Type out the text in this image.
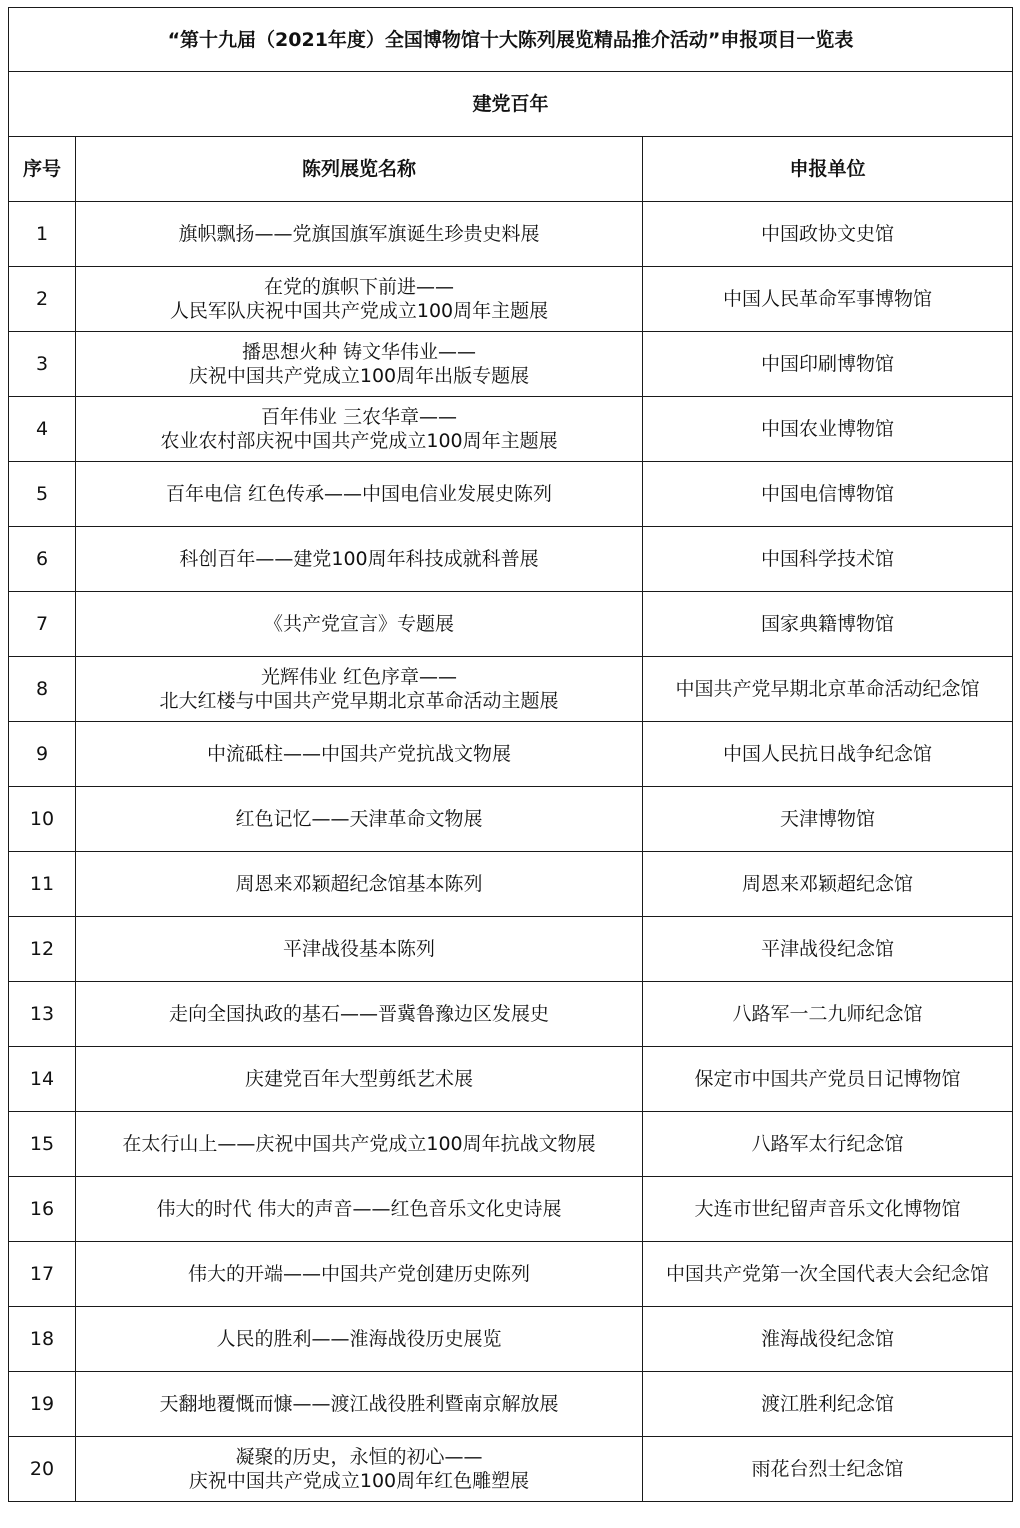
“第十九届（2021年度）全国博物馆十大陈列展览精品推介活动”申报项目一览表		
建党百年		
序号	陈列展览名称	申报单位
1	旗帜飘扬——党旗国旗军旗诞生珍贵史料展	中国政协文史馆
2	在党的旗帜下前进——
人民军队庆祝中国共产党成立100周年主题展	中国人民革命军事博物馆
3	播思想火种 铸文华伟业——
庆祝中国共产党成立100周年出版专题展	中国印刷博物馆
4	百年伟业 三农华章——
农业农村部庆祝中国共产党成立100周年主题展	中国农业博物馆
5	百年电信 红色传承——中国电信业发展史陈列	中国电信博物馆
6	科创百年——建党100周年科技成就科普展	中国科学技术馆
7	《共产党宣言》专题展	国家典籍博物馆
8	光辉伟业 红色序章——
北大红楼与中国共产党早期北京革命活动主题展	中国共产党早期北京革命活动纪念馆
9	中流砥柱——中国共产党抗战文物展	中国人民抗日战争纪念馆
10	红色记忆——天津革命文物展	天津博物馆
11	周恩来邓颖超纪念馆基本陈列	周恩来邓颖超纪念馆
12	平津战役基本陈列	平津战役纪念馆
13	走向全国执政的基石——晋冀鲁豫边区发展史	八路军一二九师纪念馆
14	庆建党百年大型剪纸艺术展	保定市中国共产党员日记博物馆
15	在太行山上——庆祝中国共产党成立100周年抗战文物展	八路军太行纪念馆
16	伟大的时代 伟大的声音——红色音乐文化史诗展	大连市世纪留声音乐文化博物馆
17	伟大的开端——中国共产党创建历史陈列	中国共产党第一次全国代表大会纪念馆
18	人民的胜利——淮海战役历史展览	淮海战役纪念馆
19	天翻地覆慨而慷——渡江战役胜利暨南京解放展	渡江胜利纪念馆
20	凝聚的历史，永恒的初心——
庆祝中国共产党成立100周年红色雕塑展	雨花台烈士纪念馆
